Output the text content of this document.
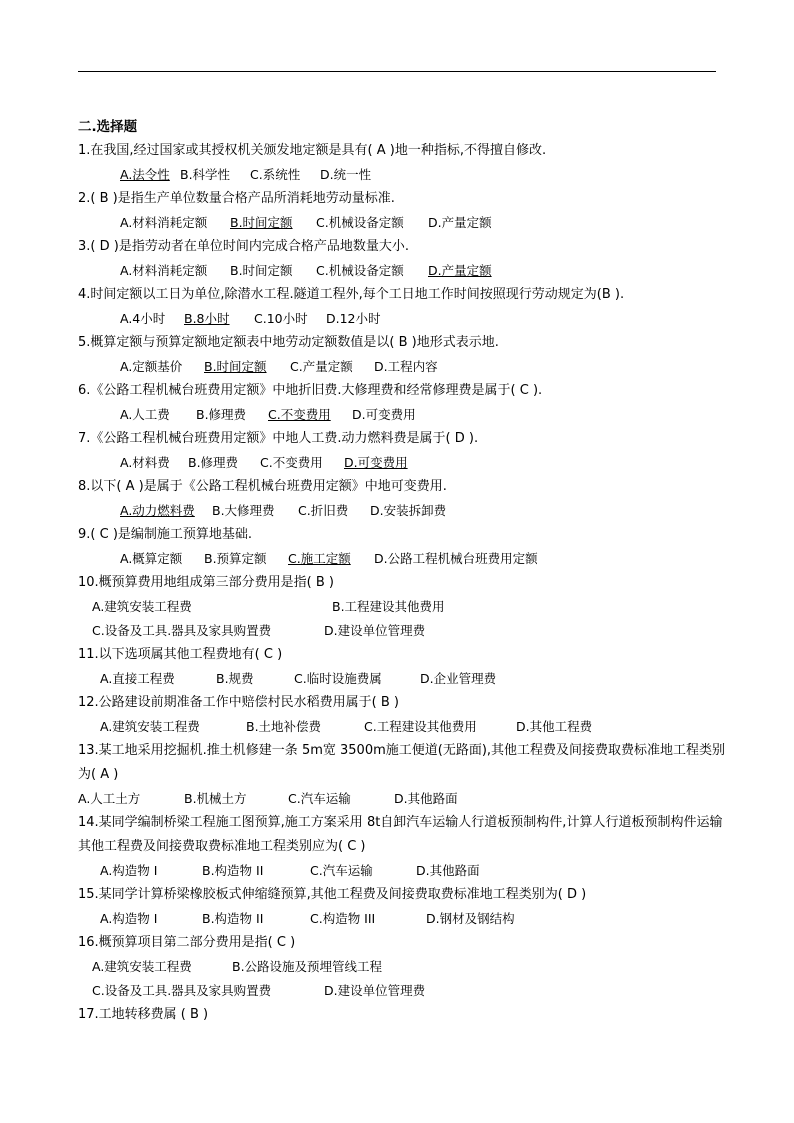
二.选择题
1.在我国,经过国家或其授权机关颁发地定额是具有( A )地一种指标,不得擅自修改.
A.法令性 B.科学性 C.系统性 D.统一性
2.( B )是指生产单位数量合格产品所消耗地劳动量标准.
A.材料消耗定额 B.时间定额 C.机械设备定额 D.产量定额
3.( D )是指劳动者在单位时间内完成合格产品地数量大小.
A.材料消耗定额 B.时间定额 C.机械设备定额 D.产量定额
4.时间定额以工日为单位,除潜水工程.隧道工程外,每个工日地工作时间按照现行劳动规定为(B ).
A.4小时 B.8小时 C.10小时 D.12小时
5.概算定额与预算定额地定额表中地劳动定额数值是以( B )地形式表示地.
A.定额基价 B.时间定额 C.产量定额 D.工程内容
6.《公路工程机械台班费用定额》中地折旧费.大修理费和经常修理费是属于( C ).
A.人工费 B.修理费 C.不变费用 D.可变费用
7.《公路工程机械台班费用定额》中地人工费.动力燃料费是属于( D ).
A.材料费 B.修理费 C.不变费用 D.可变费用
8.以下( A )是属于《公路工程机械台班费用定额》中地可变费用.
A.动力燃料费 B.大修理费 C.折旧费 D.安装拆卸费
9.( C )是编制施工预算地基础.
A.概算定额 B.预算定额 C.施工定额 D.公路工程机械台班费用定额
10.概预算费用地组成第三部分费用是指( B )
A.建筑安装工程费	B.工程建设其他费用
C.设备及工具.器具及家具购置费	D.建设单位管理费
11.以下选项属其他工程费地有( C )
A.直接工程费	B.规费	C.临时设施费属	D.企业管理费
12.公路建设前期准备工作中赔偿村民水稻费用属于( B )
A.建筑安装工程费	B.土地补偿费	C.工程建设其他费用	D.其他工程费
13.某工地采用挖掘机.推土机修建一条 5m宽 3500m施工便道(无路面),其他工程费及间接费取费标准地工程类别为( A )
A.人工土方	B.机械土方	C.汽车运输	D.其他路面
14.某同学编制桥梁工程施工图预算,施工方案采用 8t自卸汽车运输人行道板预制构件,计算人行道板预制构件运输其他工程费及间接费取费标准地工程类别应为( C )
A.构造物 I	B.构造物 II	C.汽车运输	D.其他路面
15.某同学计算桥梁橡胶板式伸缩缝预算,其他工程费及间接费取费标准地工程类别为( D )
A.构造物 I	B.构造物 II	C.构造物 III	D.钢材及钢结构
16.概预算项目第二部分费用是指( C )
A.建筑安装工程费	B.公路设施及预埋管线工程
C.设备及工具.器具及家具购置费	D.建设单位管理费
17.工地转移费属 ( B )
